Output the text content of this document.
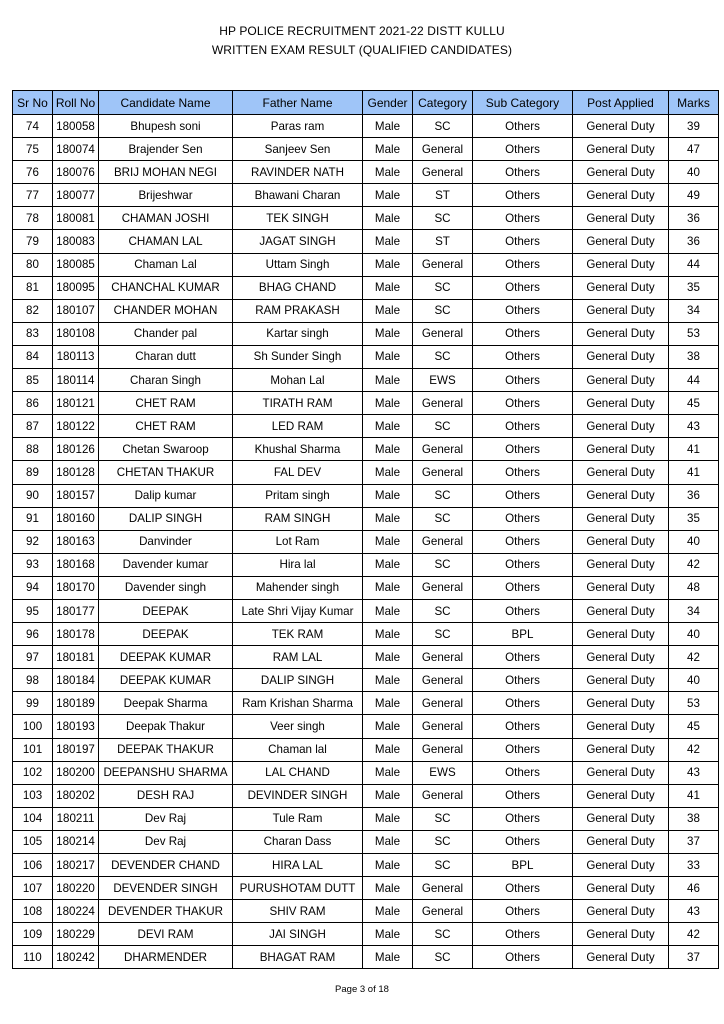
HP POLICE RECRUITMENT 2021-22 DISTT KULLU
WRITTEN EXAM RESULT (QUALIFIED CANDIDATES)
Sr No	Roll No	Candidate Name	Father Name	Gender	Category	Sub Category	Post Applied	Marks
74	180058	Bhupesh soni	Paras ram	Male	SC	Others	General Duty	39
75	180074	Brajender Sen	Sanjeev Sen	Male	General	Others	General Duty	47
76	180076	BRIJ MOHAN NEGI	RAVINDER NATH	Male	General	Others	General Duty	40
77	180077	Brijeshwar	Bhawani Charan	Male	ST	Others	General Duty	49
78	180081	CHAMAN JOSHI	TEK SINGH	Male	SC	Others	General Duty	36
79	180083	CHAMAN LAL	JAGAT SINGH	Male	ST	Others	General Duty	36
80	180085	Chaman Lal	Uttam Singh	Male	General	Others	General Duty	44
81	180095	CHANCHAL KUMAR	BHAG CHAND	Male	SC	Others	General Duty	35
82	180107	CHANDER MOHAN	RAM PRAKASH	Male	SC	Others	General Duty	34
83	180108	Chander pal	Kartar singh	Male	General	Others	General Duty	53
84	180113	Charan dutt	Sh Sunder Singh	Male	SC	Others	General Duty	38
85	180114	Charan Singh	Mohan Lal	Male	EWS	Others	General Duty	44
86	180121	CHET RAM	TIRATH RAM	Male	General	Others	General Duty	45
87	180122	CHET RAM	LED RAM	Male	SC	Others	General Duty	43
88	180126	Chetan Swaroop	Khushal Sharma	Male	General	Others	General Duty	41
89	180128	CHETAN THAKUR	FAL DEV	Male	General	Others	General Duty	41
90	180157	Dalip kumar	Pritam singh	Male	SC	Others	General Duty	36
91	180160	DALIP SINGH	RAM SINGH	Male	SC	Others	General Duty	35
92	180163	Danvinder	Lot Ram	Male	General	Others	General Duty	40
93	180168	Davender kumar	Hira lal	Male	SC	Others	General Duty	42
94	180170	Davender singh	Mahender singh	Male	General	Others	General Duty	48
95	180177	DEEPAK	Late Shri Vijay Kumar	Male	SC	Others	General Duty	34
96	180178	DEEPAK	TEK RAM	Male	SC	BPL	General Duty	40
97	180181	DEEPAK KUMAR	RAM LAL	Male	General	Others	General Duty	42
98	180184	DEEPAK KUMAR	DALIP SINGH	Male	General	Others	General Duty	40
99	180189	Deepak Sharma	Ram Krishan Sharma	Male	General	Others	General Duty	53
100	180193	Deepak Thakur	Veer singh	Male	General	Others	General Duty	45
101	180197	DEEPAK THAKUR	Chaman lal	Male	General	Others	General Duty	42
102	180200	DEEPANSHU SHARMA	LAL CHAND	Male	EWS	Others	General Duty	43
103	180202	DESH RAJ	DEVINDER SINGH	Male	General	Others	General Duty	41
104	180211	Dev Raj	Tule Ram	Male	SC	Others	General Duty	38
105	180214	Dev Raj	Charan Dass	Male	SC	Others	General Duty	37
106	180217	DEVENDER CHAND	HIRA LAL	Male	SC	BPL	General Duty	33
107	180220	DEVENDER SINGH	PURUSHOTAM DUTT	Male	General	Others	General Duty	46
108	180224	DEVENDER THAKUR	SHIV RAM	Male	General	Others	General Duty	43
109	180229	DEVI RAM	JAI SINGH	Male	SC	Others	General Duty	42
110	180242	DHARMENDER	BHAGAT RAM	Male	SC	Others	General Duty	37
Page 3 of 18
